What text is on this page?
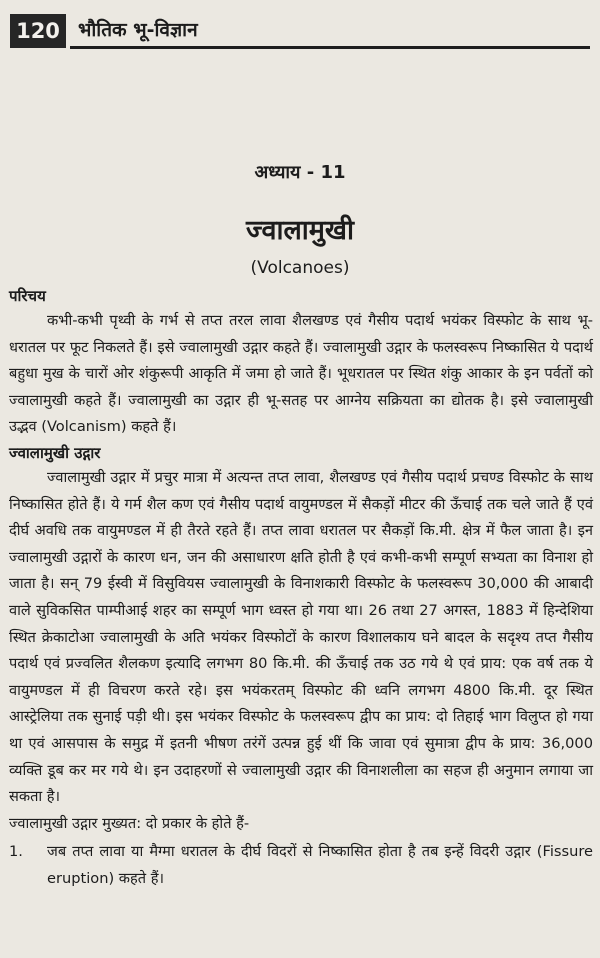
120 भौतिक भू-विज्ञान
अध्याय - 11
ज्वालामुखी
(Volcanoes)

परिचय

कभी-कभी पृथ्वी के गर्भ से तप्त तरल लावा शैलखण्ड एवं गैसीय पदार्थ भयंकर विस्फोट के साथ भू-धरातल पर फूट निकलते हैं। इसे ज्वालामुखी उद्गार कहते हैं। ज्वालामुखी उद्गार के फलस्वरूप निष्कासित ये पदार्थ बहुधा मुख के चारों ओर शंकुरूपी आकृति में जमा हो जाते हैं। भूधरातल पर स्थित शंकु आकार के इन पर्वतों को ज्वालामुखी कहते हैं। ज्वालामुखी का उद्गार ही भू-सतह पर आग्नेय सक्रियता का द्योतक है। इसे ज्वालामुखी उद्भव (Volcanism) कहते हैं।

ज्वालामुखी उद्गार

ज्वालामुखी उद्गार में प्रचुर मात्रा में अत्यन्त तप्त लावा, शैलखण्ड एवं गैसीय पदार्थ प्रचण्ड विस्फोट के साथ निष्कासित होते हैं। ये गर्म शैल कण एवं गैसीय पदार्थ वायुमण्डल में सैकड़ों मीटर की ऊँचाई तक चले जाते हैं एवं दीर्घ अवधि तक वायुमण्डल में ही तैरते रहते हैं। तप्त लावा धरातल पर सैकड़ों कि.मी. क्षेत्र में फैल जाता है। इन ज्वालामुखी उद्गारों के कारण धन, जन की असाधारण क्षति होती है एवं कभी-कभी सम्पूर्ण सभ्यता का विनाश हो जाता है। सन् 79 ईस्वी में विसुवियस ज्वालामुखी के विनाशकारी विस्फोट के फलस्वरूप 30,000 की आबादी वाले सुविकसित पाम्पीआई शहर का सम्पूर्ण भाग ध्वस्त हो गया था। 26 तथा 27 अगस्त, 1883 में हिन्देशिया स्थित क्रेकाटोआ ज्वालामुखी के अति भयंकर विस्फोटों के कारण विशालकाय घने बादल के सदृश्य तप्त गैसीय पदार्थ एवं प्रज्वलित शैलकण इत्यादि लगभग 80 कि.मी. की ऊँचाई तक उठ गये थे एवं प्राय: एक वर्ष तक ये वायुमण्डल में ही विचरण करते रहे। इस भयंकरतम् विस्फोट की ध्वनि लगभग 4800 कि.मी. दूर स्थित आस्ट्रेलिया तक सुनाई पड़ी थी। इस भयंकर विस्फोट के फलस्वरूप द्वीप का प्राय: दो तिहाई भाग विलुप्त हो गया था एवं आसपास के समुद्र में इतनी भीषण तरंगें उत्पन्न हुई थीं कि जावा एवं सुमात्रा द्वीप के प्राय: 36,000 व्यक्ति डूब कर मर गये थे। इन उदाहरणों से ज्वालामुखी उद्गार की विनाशलीला का सहज ही अनुमान लगाया जा सकता है।

ज्वालामुखी उद्गार मुख्यत: दो प्रकार के होते हैं-

1. जब तप्त लावा या मैग्मा धरातल के दीर्घ विदरों से निष्कासित होता है तब इन्हें विदरी उद्गार (Fissure eruption) कहते हैं।
